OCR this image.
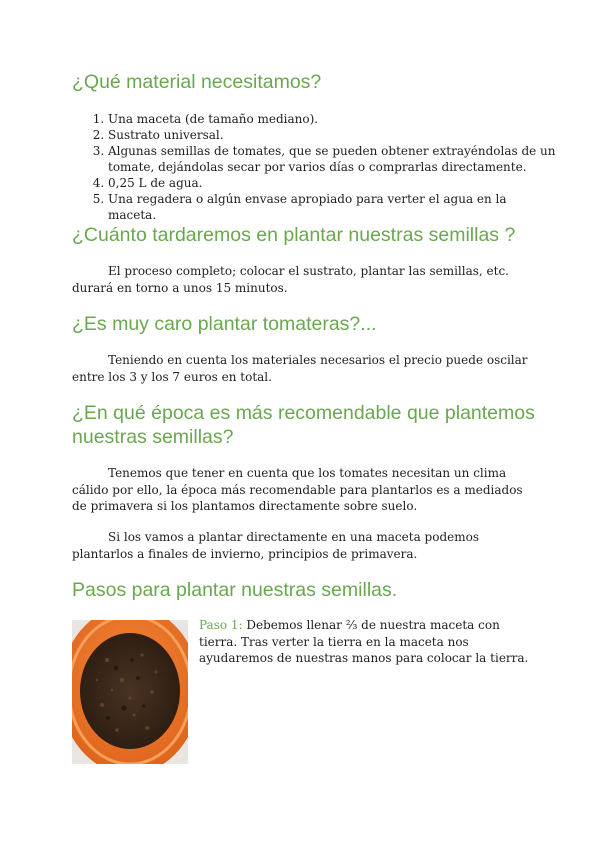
¿Qué material necesitamos?
1. Una maceta (de tamaño mediano).
2. Sustrato universal.
3. Algunas semillas de tomates, que se pueden obtener extrayéndolas de un tomate, dejándolas secar por varios días o comprarlas directamente.
4. 0,25 L de agua.
5. Una regadera o algún envase apropiado para verter el agua en la maceta.
¿Cuánto tardaremos en plantar nuestras semillas ?

El proceso completo; colocar el sustrato, plantar las semillas, etc. durará en torno a unos 15 minutos.

¿Es muy caro plantar tomateras?...

Teniendo en cuenta los materiales necesarios el precio puede oscilar entre los 3 y los 7 euros en total.

¿En qué época es más recomendable que plantemos
nuestras semillas?

Tenemos que tener en cuenta que los tomates necesitan un clima cálido por ello, la época más recomendable para plantarlos es a mediados de primavera si los plantamos directamente sobre suelo.

Si los vamos a plantar directamente en una maceta podemos plantarlos a finales de invierno, principios de primavera.

Pasos para plantar nuestras semillas.

Paso 1: Debemos llenar ⅔ de nuestra maceta con tierra. Tras verter la tierra en la maceta nos ayudaremos de nuestras manos para colocar la tierra.
